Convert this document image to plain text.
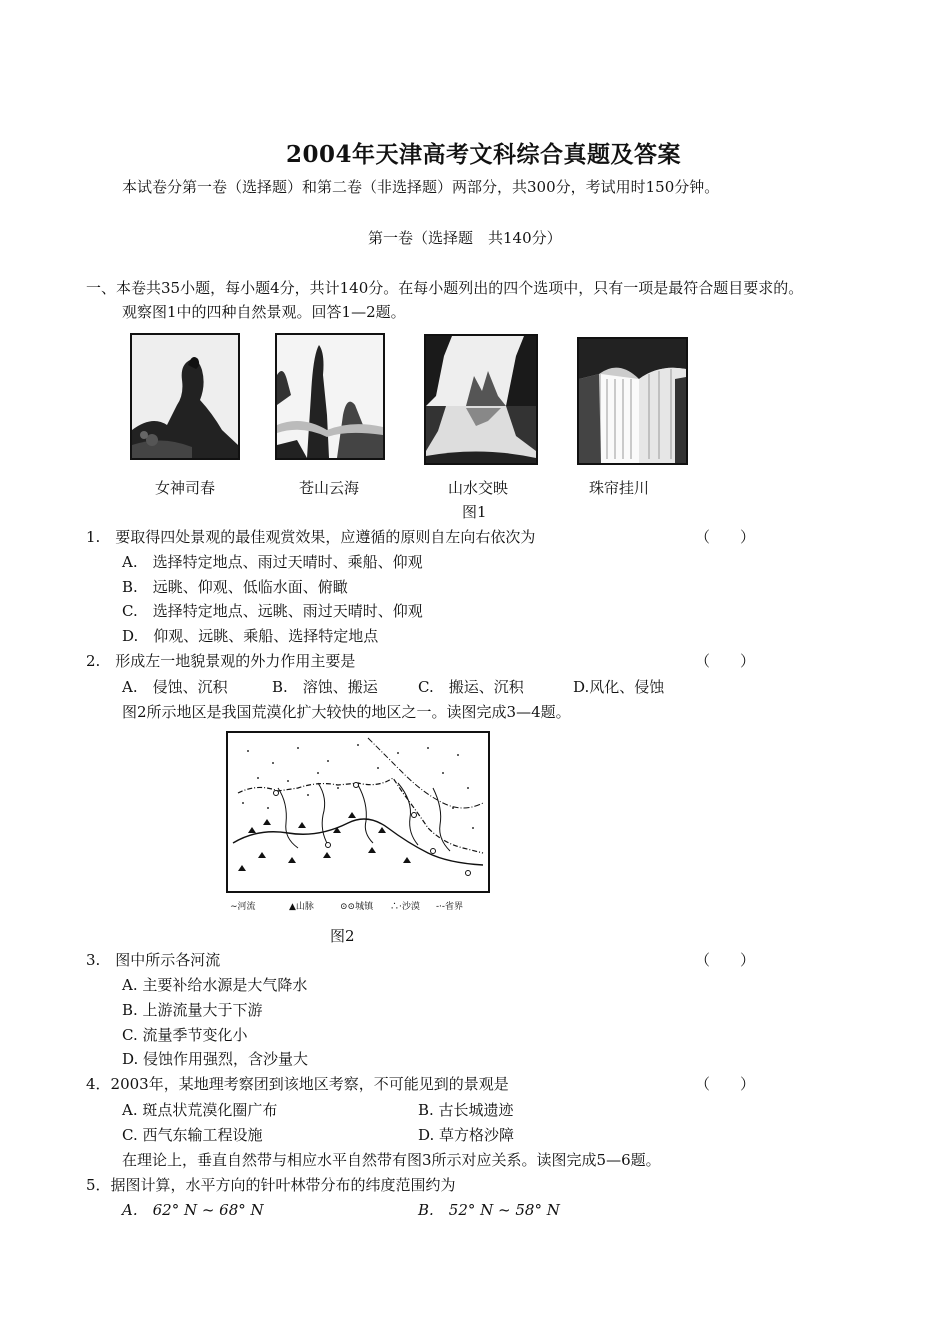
2004年天津高考文科综合真题及答案
本试卷分第一卷（选择题）和第二卷（非选择题）两部分，共300分，考试用时150分钟。
第一卷（选择题　共140分）
一、本卷共35小题，每小题4分，共计140分。在每小题列出的四个选项中，只有一项是最符合题目要求的。
观察图1中的四种自然景观。回答1—2题。
女神司春	苍山云海	山水交映	珠帘挂川
图1
1.　要取得四处景观的最佳观赏效果，应遵循的原则自左向右依次为	（　　）
A.　选择特定地点、雨过天晴时、乘船、仰观
B.　远眺、仰观、低临水面、俯瞰
C.　选择特定地点、远眺、雨过天晴时、仰观
D.　仰观、远眺、乘船、选择特定地点
2.　形成左一地貌景观的外力作用主要是	（　　）
A.　侵蚀、沉积	B.　溶蚀、搬运	C.　搬运、沉积	D.风化、侵蚀
图2所示地区是我国荒漠化扩大较快的地区之一。读图完成3—4题。
∼河流	▲山脉	⊙⊙城镇 ∴·沙漠 -·-省界
图2
3.　图中所示各河流	（　　）
A. 主要补给水源是大气降水
B. 上游流量大于下游
C. 流量季节变化小
D. 侵蚀作用强烈，含沙量大
4．2003年，某地理考察团到该地区考察，不可能见到的景观是	（　　）
A. 斑点状荒漠化圈广布	B. 古长城遗迹
C. 西气东输工程设施	D. 草方格沙障
在理论上，垂直自然带与相应水平自然带有图3所示对应关系。读图完成5—6题。
5．据图计算，水平方向的针叶林带分布的纬度范围约为
A.　62° N ~ 68° N	B.　52° N ~ 58° N
